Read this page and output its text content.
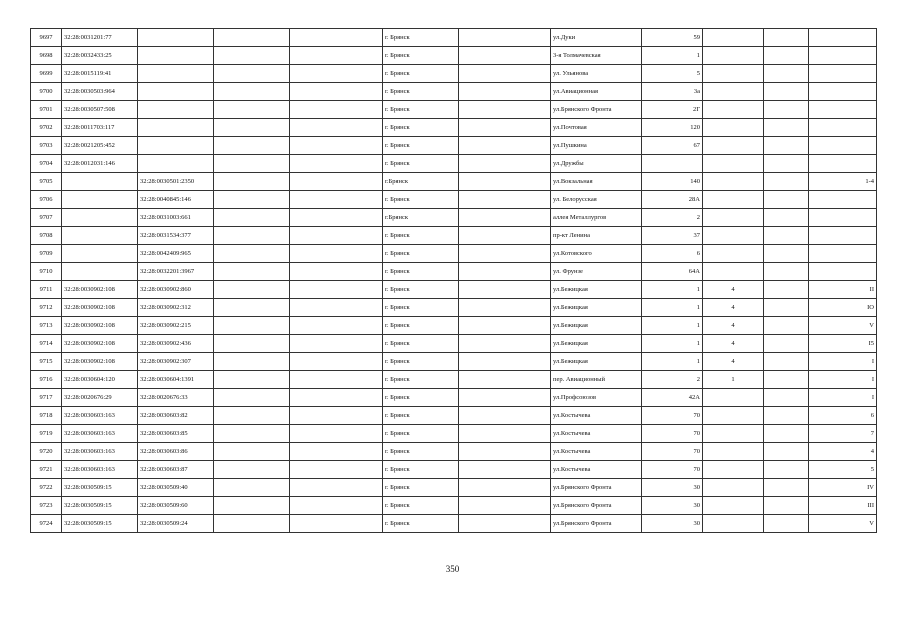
9697	32:28:0031201:77				г. Брянск		ул.Дуки	59			
9698	32:28:0032433:25				г. Брянск		3-я Толмачевская	1			
9699	32:28:0015119:41				г. Брянск		ул. Ульянова	5			
9700	32:28:0030503:964				г. Брянск		ул.Авиационная	3а			
9701	32:28:0030507:508				г. Брянск		ул.Брянского Фронта	2Г			
9702	32:28:0011703:117				г. Брянск		ул.Почтовая	120			
9703	32:28:0021205:452				г. Брянск		ул.Пушкина	67			
9704	32:28:0012031:146				г. Брянск		ул.Дружбы				
9705		32:28:0030501:2350			г.Брянск		ул.Вокзальная	140			1-4
9706		32:28:0040845:146			г. Брянск		ул. Белорусская	28А			
9707		32:28:0031003:661			г.Брянск		аллея Металлургов	2			
9708		32:28:0031534:377			г. Брянск		пр-кт Ленина	37			
9709		32:28:0042409:965			г. Брянск		ул.Котовского	6			
9710		32:28:0032201:3967			г. Брянск		ул. Фрунзе	64А			
9711	32:28:0030902:108	32:28:0030902:860			г. Брянск		ул.Бежицкая	1	4		II
9712	32:28:0030902:108	32:28:0030902:312			г. Брянск		ул.Бежицкая	1	4		IO
9713	32:28:0030902:108	32:28:0030902:215			г. Брянск		ул.Бежицкая	1	4		V
9714	32:28:0030902:108	32:28:0030902:436			г. Брянск		ул.Бежицкая	1	4		I5
9715	32:28:0030902:108	32:28:0030902:307			г. Брянск		ул.Бежицкая	1	4		I
9716	32:28:0030604:120	32:28:0030604:1391			г. Брянск		пер. Авиационный	2	1		I
9717	32:28:0020676:29	32:28:0020676:33			г. Брянск		ул.Профсоюзов	42А			I
9718	32:28:0030603:163	32:28:0030603:82			г. Брянск		ул.Костычева	70			6
9719	32:28:0030603:163	32:28:0030603:85			г. Брянск		ул.Костычева	70			7
9720	32:28:0030603:163	32:28:0030603:86			г. Брянск		ул.Костычева	70			4
9721	32:28:0030603:163	32:28:0030603:87			г. Брянск		ул.Костычева	70			5
9722	32:28:0030509:15	32:28:0030509:40			г. Брянск		ул.Брянского Фронта	30			IV
9723	32:28:0030509:15	32:28:0030509:60			г. Брянск		ул.Брянского Фронта	30			III
9724	32:28:0030509:15	32:28:0030509:24			г. Брянск		ул.Брянского Фронта	30			V
350
